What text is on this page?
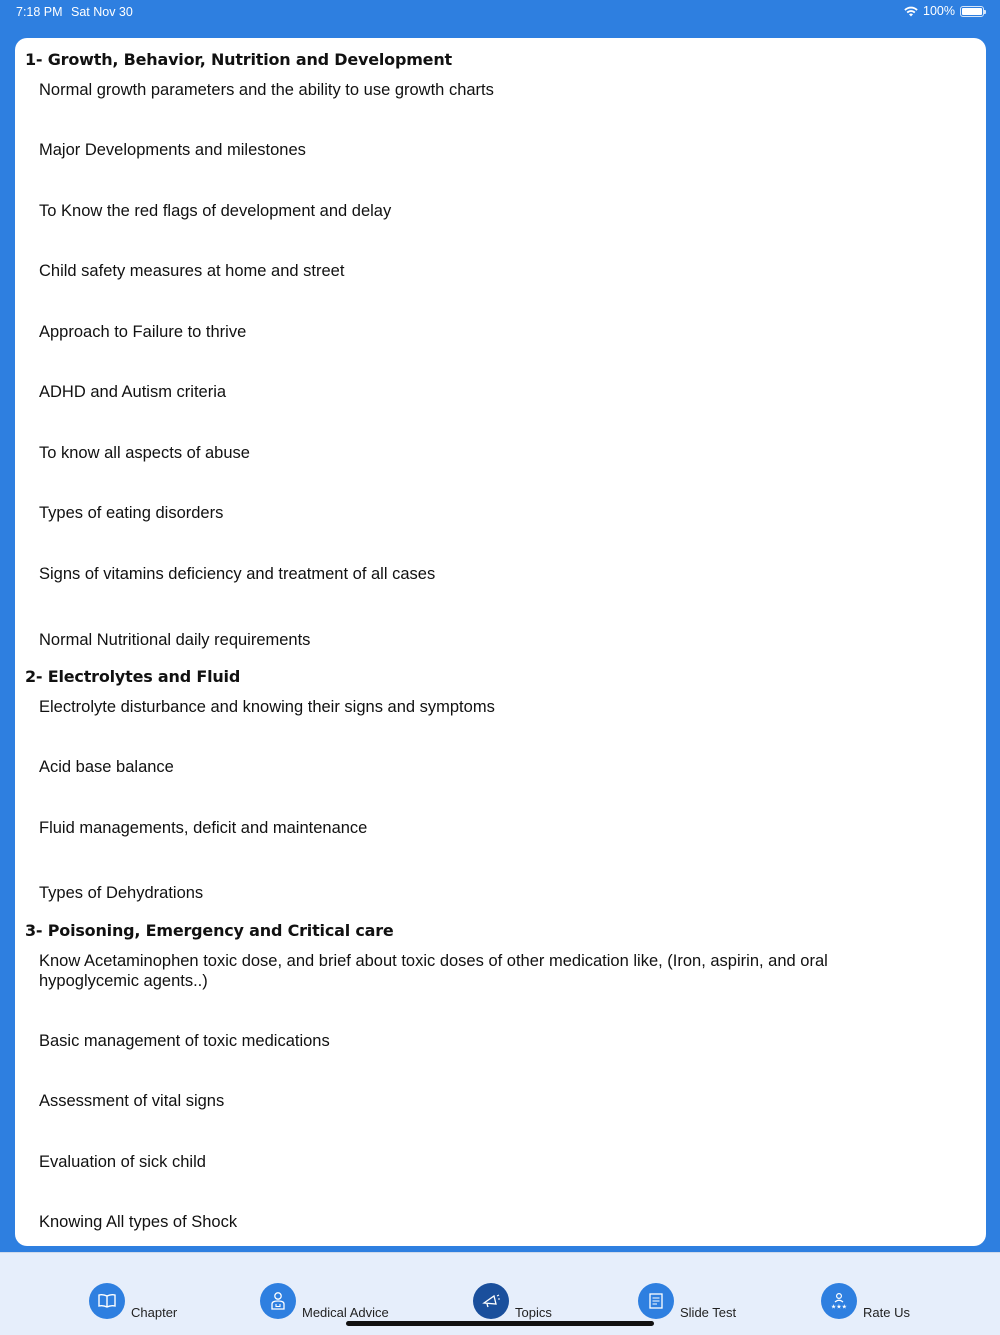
7:18 PM Sat Nov 30	100%
1- Growth, Behavior, Nutrition and Development
Normal growth parameters and the ability to use growth charts
Major Developments and milestones
To Know the red flags of development and delay
Child safety measures at home and street
Approach to Failure to thrive
ADHD and Autism criteria
To know all aspects of abuse
Types of eating disorders
Signs of vitamins deficiency and treatment of all cases
Normal Nutritional daily requirements
2- Electrolytes and Fluid
Electrolyte disturbance and knowing their signs and symptoms
Acid base balance
Fluid managements, deficit and maintenance
Types of Dehydrations
3- Poisoning, Emergency and Critical care
Know Acetaminophen toxic dose, and brief about toxic doses of other medication like, (Iron, aspirin, and oral hypoglycemic agents..)
Basic management of toxic medications
Assessment of vital signs
Evaluation of sick child
Knowing All types of Shock
Chapter	Medical Advice	Topics	Slide Test	★★★ Rate Us
